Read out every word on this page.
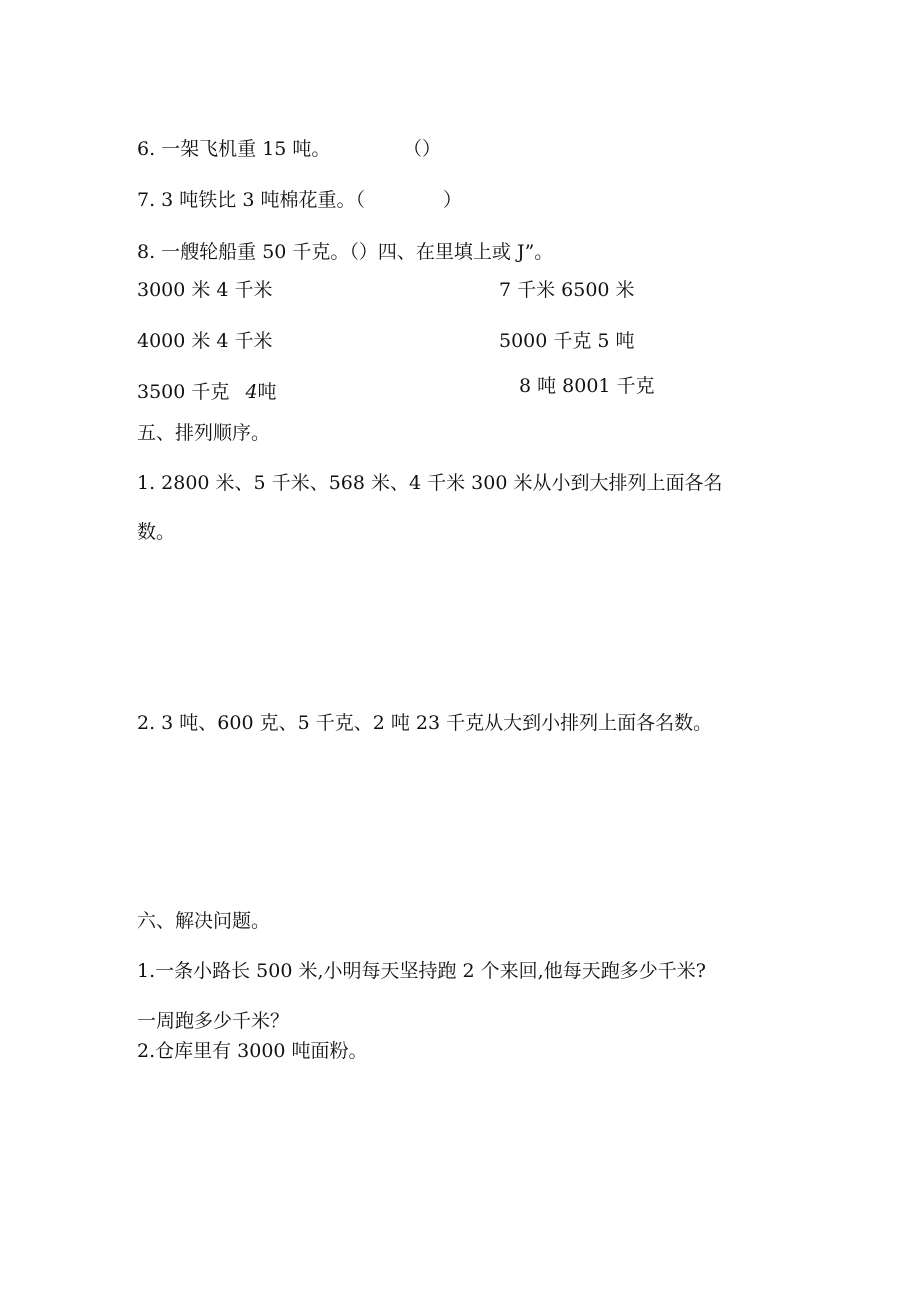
6. 一架飞机重 15 吨。	（）
7. 3 吨铁比 3 吨棉花重。（	）
8. 一艘轮船重 50 千克。（）四、在里填上或 J”。
3000 米 4 千米	7 千米 6500 米
4000 米 4 千米	5000 千克 5 吨
3500 千克 4吨	8 吨 8001 千克
五、排列顺序。
1. 2800 米、5 千米、568 米、4 千米 300 米从小到大排列上面各名
数。
2. 3 吨、600 克、5 千克、2 吨 23 千克从大到小排列上面各名数。
六、解决问题。
1.一条小路长 500 米,小明每天坚持跑 2 个来回,他每天跑多少千米?
一周跑多少千米？
2.仓库里有 3000 吨面粉。
